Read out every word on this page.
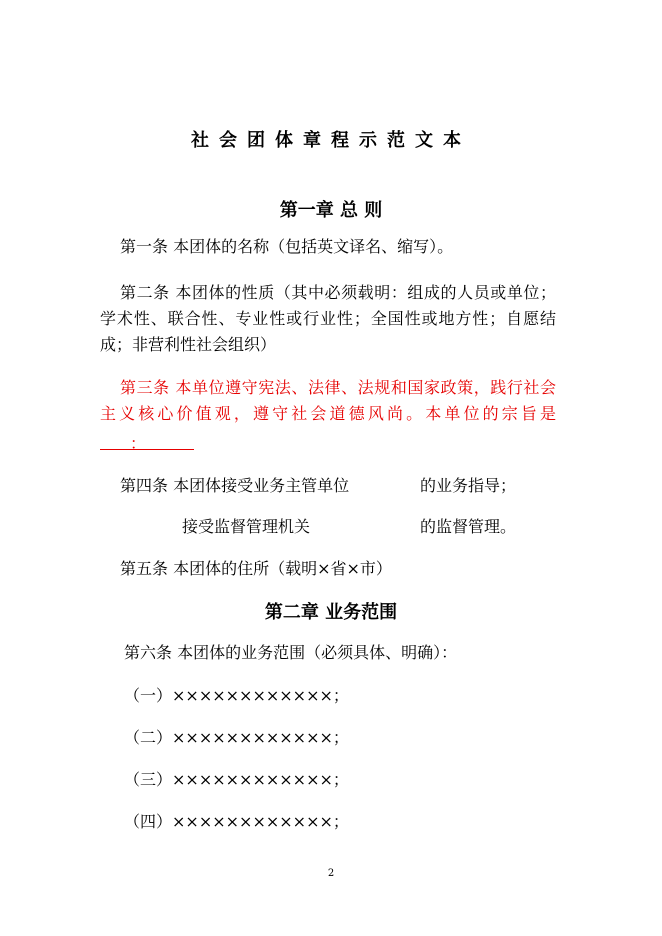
社会团体章程示范文本
第一章 总 则

第一条 本团体的名称（包括英文译名、缩写）。

第二条 本团体的性质（其中必须载明：组成的人员或单位；学术性、联合性、专业性或行业性；全国性或地方性；自愿结成；非营利性社会组织）

第三条 本单位遵守宪法、法律、法规和国家政策，践行社会主义核心价值观，遵守社会道德风尚。本单位的宗旨是：

第四条 本团体接受业务主管单位	的业务指导；
接受监督管理机关	的监督管理。
第五条 本团体的住所（载明×省×市）
第二章 业务范围
第六条 本团体的业务范围（必须具体、明确）：
（一）××××××××××××；
（二）××××××××××××；
（三）××××××××××××；
（四）××××××××××××；
2
